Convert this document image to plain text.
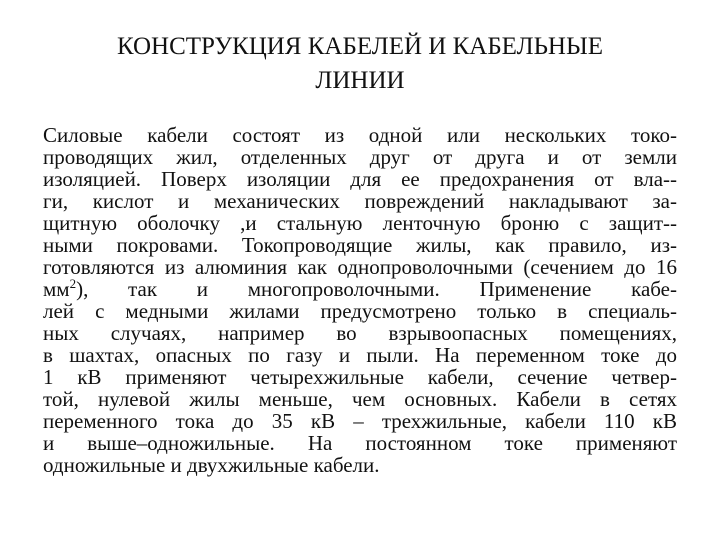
КОНСТРУКЦИЯ КАБЕЛЕЙ И КАБЕЛЬНЫЕ
ЛИНИИ
Силовые кабели состоят из одной или нескольких токо-
проводящих жил, отделенных друг от друга и от земли
изоляцией. Поверх изоляции для ее предохранения от вла--
ги, кислот и механических повреждений накладывают за-
щитную оболочку ,и стальную ленточную броню с защит--
ными покровами. Токопроводящие жилы, как правило, из-
готовляются из алюминия как однопроволочными (сечением до 16
$мм^2$), так и многопроволочными. Применение кабе-
лей с медными жилами предусмотрено только в специаль-
ных случаях, например во взрывоопасных помещениях,
в шахтах, опасных по газу и пыли. На переменном токе до
1 кВ применяют четырехжильные кабели, сечение четвер-
той, нулевой жилы меньше, чем основных. Кабели в сетях
переменного тока до 35 кВ – трехжильные, кабели 110 кВ
и выше–одножильные. На постоянном токе применяют
одножильные и двухжильные кабели.
